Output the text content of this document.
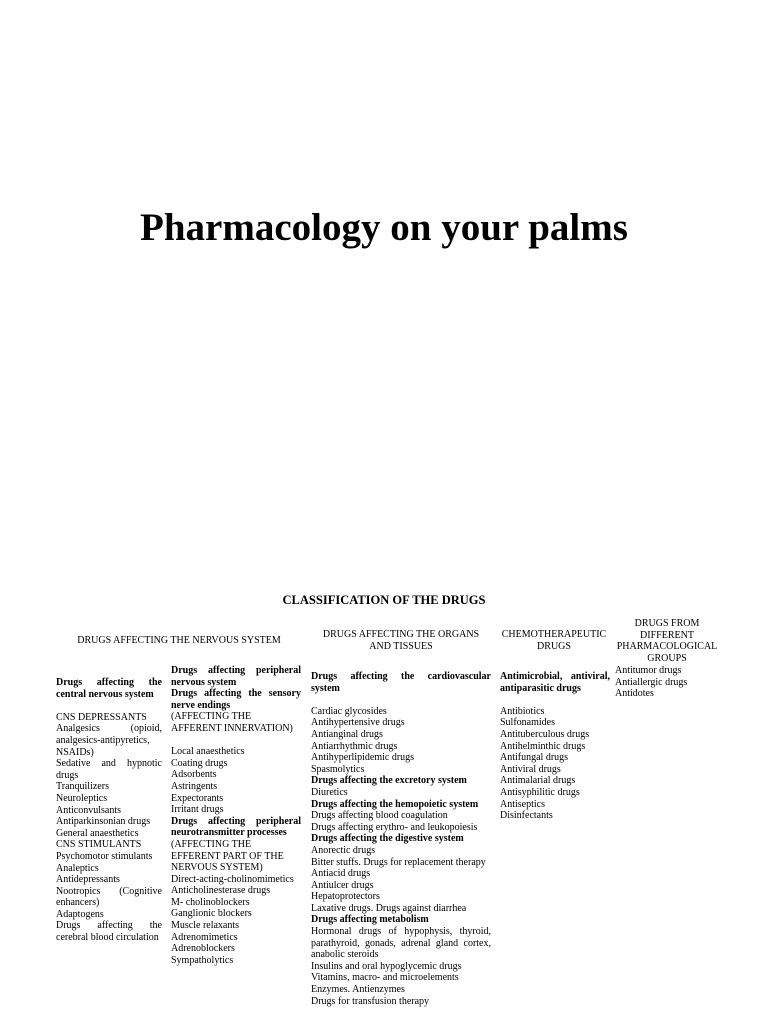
Pharmacology on your palms
CLASSIFICATION OF THE DRUGS
DRUGS AFFECTING THE NERVOUS SYSTEM
DRUGS AFFECTING THE ORGANS
AND TISSUES
CHEMOTHERAPEUTIC
DRUGS
DRUGS FROM
DIFFERENT
PHARMACOLOGICAL
GROUPS
Drugs affecting the
central nervous system
CNS DEPRESSANTS
Analgesics (opioid,
analgesics-antipyretics,
NSAIDs)
Sedative and hypnotic
drugs
Tranquilizers
Neuroleptics
Anticonvulsants
Antiparkinsonian drugs
General anaesthetics
CNS STIMULANTS
Psychomotor stimulants
Analeptics
Antidepressants
Nootropics (Cognitive
enhancers)
Adaptogens
Drugs affecting the
cerebral blood circulation
Drugs affecting peripheral
nervous system
Drugs affecting the sensory
nerve endings
(AFFECTING THE
AFFERENT INNERVATION)
Local anaesthetics
Coating drugs
Adsorbents
Astringents
Expectorants
Irritant drugs
Drugs affecting peripheral
neurotransmitter processes
(AFFECTING THE
EFFERENT PART OF THE
NERVOUS SYSTEM)
Direct-acting-cholinomimetics
Anticholinesterase drugs
M- cholinoblockers
Ganglionic blockers
Muscle relaxants
Adrenomimetics
Adrenoblockers
Sympatholytics
Drugs affecting the cardiovascular
system
Cardiac glycosides
Antihypertensive drugs
Antianginal drugs
Antiarrhythmic drugs
Antihyperlipidemic drugs
Spasmolytics
Drugs affecting the excretory system
Diuretics
Drugs affecting the hemopoietic system
Drugs affecting blood coagulation
Drugs affecting erythro- and leukopoiesis
Drugs affecting the digestive system
Anorectic drugs
Bitter stuffs. Drugs for replacement therapy
Antiacid drugs
Antiulcer drugs
Hepatoprotectors
Laxative drugs. Drugs against diarrhea
Drugs affecting metabolism
Hormonal drugs of hypophysis, thyroid,
parathyroid, gonads, adrenal gland cortex,
anabolic steroids
Insulins and oral hypoglycemic drugs
Vitamins, macro- and microelements
Enzymes. Antienzymes
Drugs for transfusion therapy
Antimicrobial, antiviral,
antiparasitic drugs
Antibiotics
Sulfonamides
Antituberculous drugs
Antihelminthic drugs
Antifungal drugs
Antiviral drugs
Antimalarial drugs
Antisyphilitic drugs
Antiseptics
Disinfectants
Antitumor drugs
Antiallergic drugs
Antidotes
